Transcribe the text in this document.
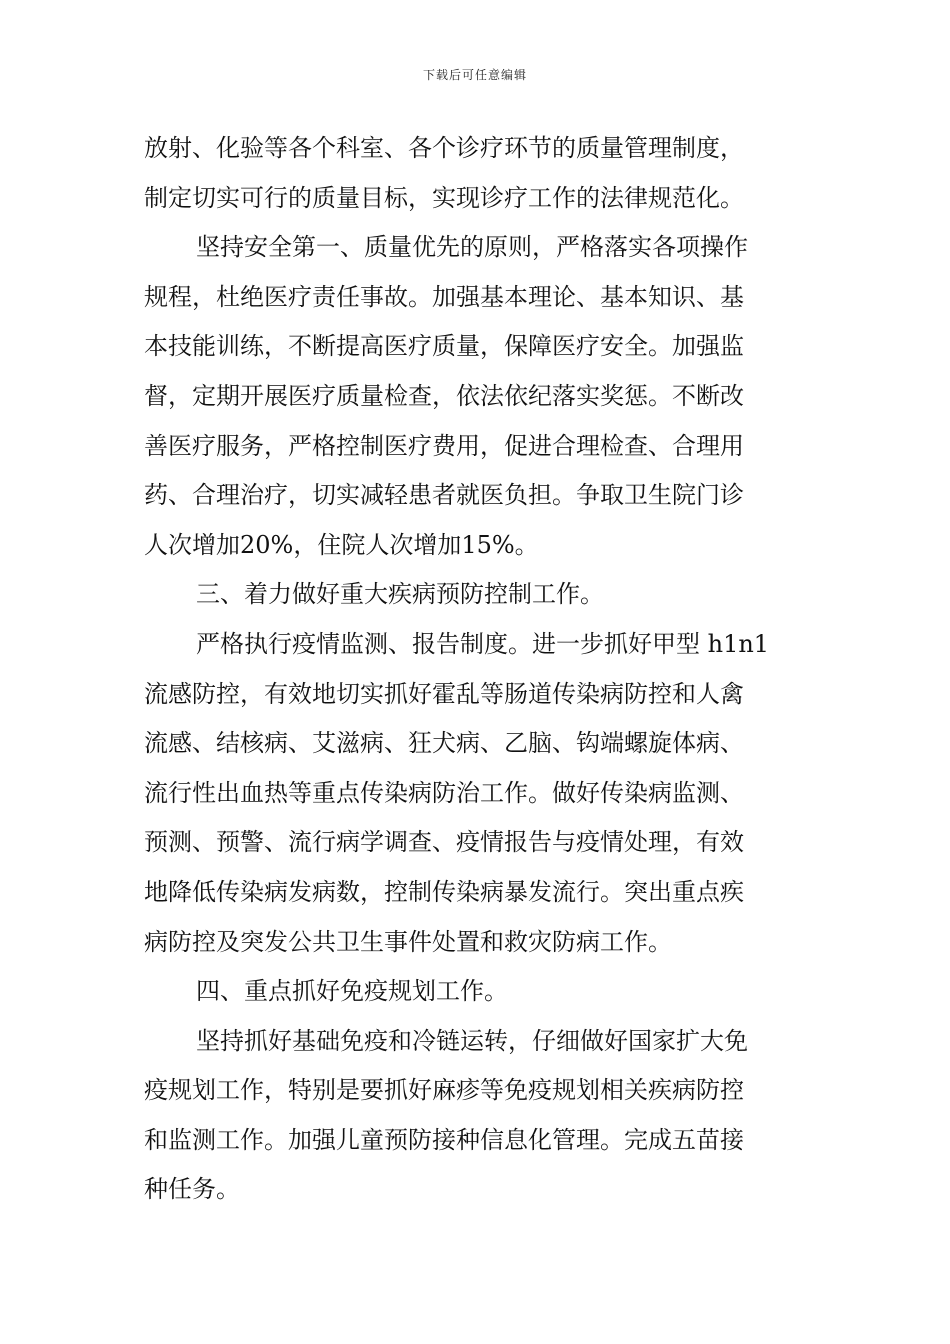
下载后可任意编辑
放射、化验等各个科室、各个诊疗环节的质量管理制度，
制定切实可行的质量目标，实现诊疗工作的法律规范化。
坚持安全第一、质量优先的原则，严格落实各项操作
规程，杜绝医疗责任事故。加强基本理论、基本知识、基
本技能训练，不断提高医疗质量，保障医疗安全。加强监
督，定期开展医疗质量检查，依法依纪落实奖惩。不断改
善医疗服务，严格控制医疗费用，促进合理检查、合理用
药、合理治疗，切实减轻患者就医负担。争取卫生院门诊
人次增加20%，住院人次增加15%。
三、着力做好重大疾病预防控制工作。
严格执行疫情监测、报告制度。进一步抓好甲型 h1n1
流感防控，有效地切实抓好霍乱等肠道传染病防控和人禽
流感、结核病、艾滋病、狂犬病、乙脑、钩端螺旋体病、
流行性出血热等重点传染病防治工作。做好传染病监测、
预测、预警、流行病学调查、疫情报告与疫情处理，有效
地降低传染病发病数，控制传染病暴发流行。突出重点疾
病防控及突发公共卫生事件处置和救灾防病工作。
四、重点抓好免疫规划工作。
坚持抓好基础免疫和冷链运转，仔细做好国家扩大免
疫规划工作，特别是要抓好麻疹等免疫规划相关疾病防控
和监测工作。加强儿童预防接种信息化管理。完成五苗接
种任务。
